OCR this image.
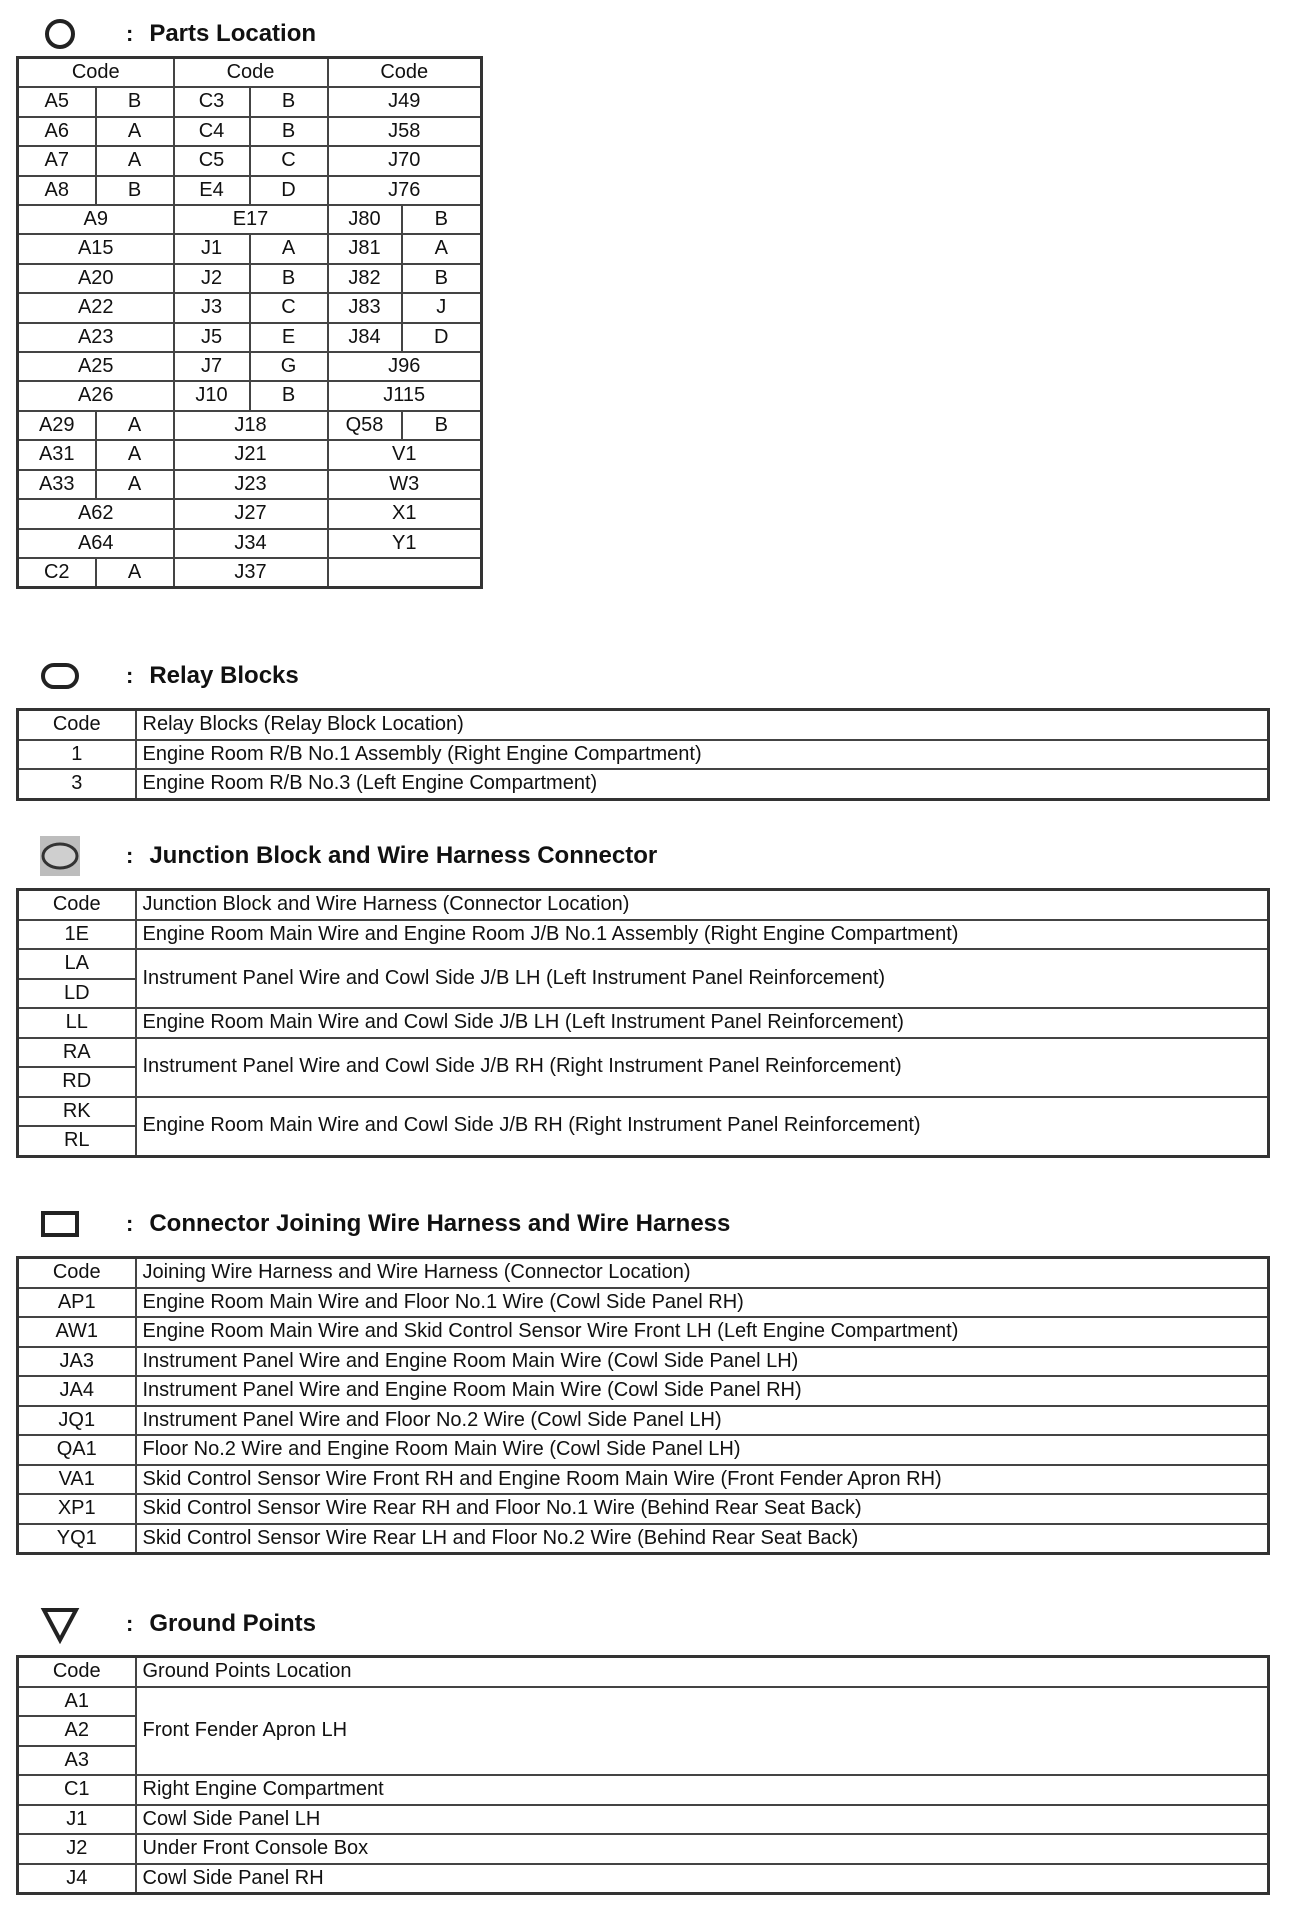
: Parts Location
Code		Code		Code	
A5	B	C3	B	J49	
A6	A	C4	B	J58	
A7	A	C5	C	J70	
A8	B	E4	D	J76	
A9		E17		J80	B
A15		J1	A	J81	A
A20		J2	B	J82	B
A22		J3	C	J83	J
A23		J5	E	J84	D
A25		J7	G	J96	
A26		J10	B	J115	
A29	A	J18		Q58	B
A31	A	J21		V1	
A33	A	J23		W3	
A62		J27		X1	
A64		J34		Y1	
C2	A	J37			
: Relay Blocks
Code	Relay Blocks (Relay Block Location)
1	Engine Room R/B No.1 Assembly (Right Engine Compartment)
3	Engine Room R/B No.3 (Left Engine Compartment)
: Junction Block and Wire Harness Connector
Code	Junction Block and Wire Harness (Connector Location)
1E	Engine Room Main Wire and Engine Room J/B No.1 Assembly (Right Engine Compartment)
LA	Instrument Panel Wire and Cowl Side J/B LH (Left Instrument Panel Reinforcement)
LD	
LL	Engine Room Main Wire and Cowl Side J/B LH (Left Instrument Panel Reinforcement)
RA	Instrument Panel Wire and Cowl Side J/B RH (Right Instrument Panel Reinforcement)
RD	
RK	Engine Room Main Wire and Cowl Side J/B RH (Right Instrument Panel Reinforcement)
RL	
: Connector Joining Wire Harness and Wire Harness
Code	Joining Wire Harness and Wire Harness (Connector Location)
AP1	Engine Room Main Wire and Floor No.1 Wire (Cowl Side Panel RH)
AW1	Engine Room Main Wire and Skid Control Sensor Wire Front LH (Left Engine Compartment)
JA3	Instrument Panel Wire and Engine Room Main Wire (Cowl Side Panel LH)
JA4	Instrument Panel Wire and Engine Room Main Wire (Cowl Side Panel RH)
JQ1	Instrument Panel Wire and Floor No.2 Wire (Cowl Side Panel LH)
QA1	Floor No.2 Wire and Engine Room Main Wire (Cowl Side Panel LH)
VA1	Skid Control Sensor Wire Front RH and Engine Room Main Wire (Front Fender Apron RH)
XP1	Skid Control Sensor Wire Rear RH and Floor No.1 Wire (Behind Rear Seat Back)
YQ1	Skid Control Sensor Wire Rear LH and Floor No.2 Wire (Behind Rear Seat Back)
: Ground Points
Code	Ground Points Location
A1	Front Fender Apron LH
A2	
A3	
C1	Right Engine Compartment
J1	Cowl Side Panel LH
J2	Under Front Console Box
J4	Cowl Side Panel RH
